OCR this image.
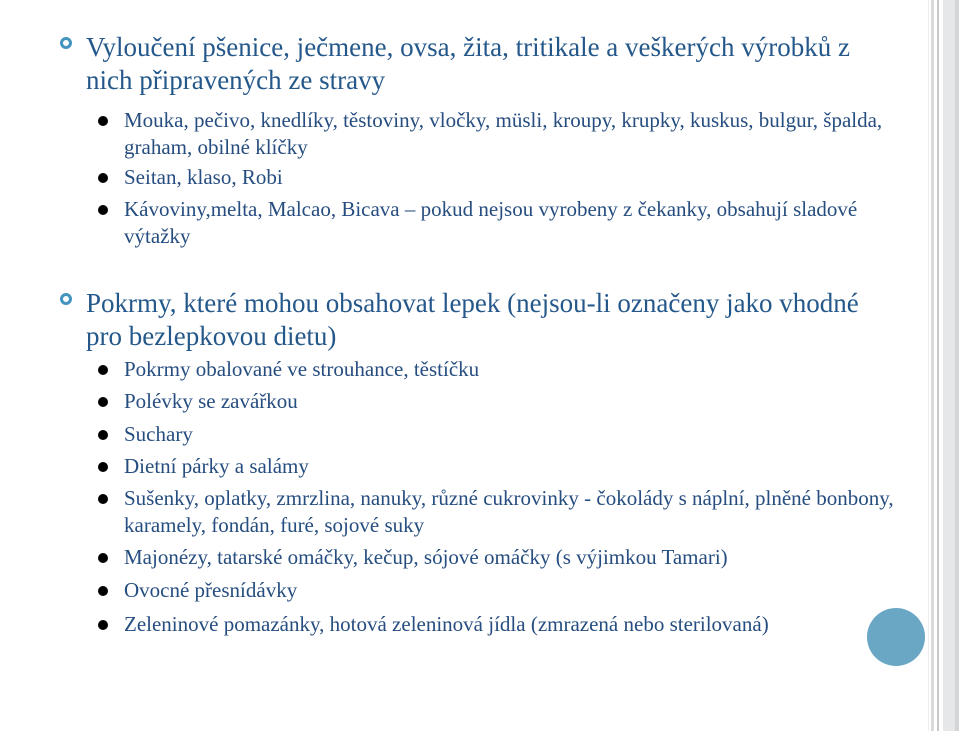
Vyloučení pšenice, ječmene, ovsa, žita, tritikale a veškerých výrobků z nich připravených ze stravy

Mouka, pečivo, knedlíky, těstoviny, vločky, müsli, kroupy, krupky, kuskus, bulgur, špalda, graham, obilné klíčky

Seitan, klaso, Robi

Kávoviny,melta, Malcao, Bicava – pokud nejsou vyrobeny z čekanky, obsahují sladové výtažky

Pokrmy, které mohou obsahovat lepek (nejsou-li označeny jako vhodné pro bezlepkovou dietu)

Pokrmy obalované ve strouhance, těstíčku

Polévky se zavářkou

Suchary

Dietní párky a salámy

Sušenky, oplatky, zmrzlina, nanuky, různé cukrovinky - čokolády s náplní, plněné bonbony, karamely, fondán, furé, sojové suky

Majonézy, tatarské omáčky, kečup, sójové omáčky (s výjimkou Tamari)

Ovocné přesnídávky

Zeleninové pomazánky, hotová zeleninová jídla (zmrazená nebo sterilovaná)
